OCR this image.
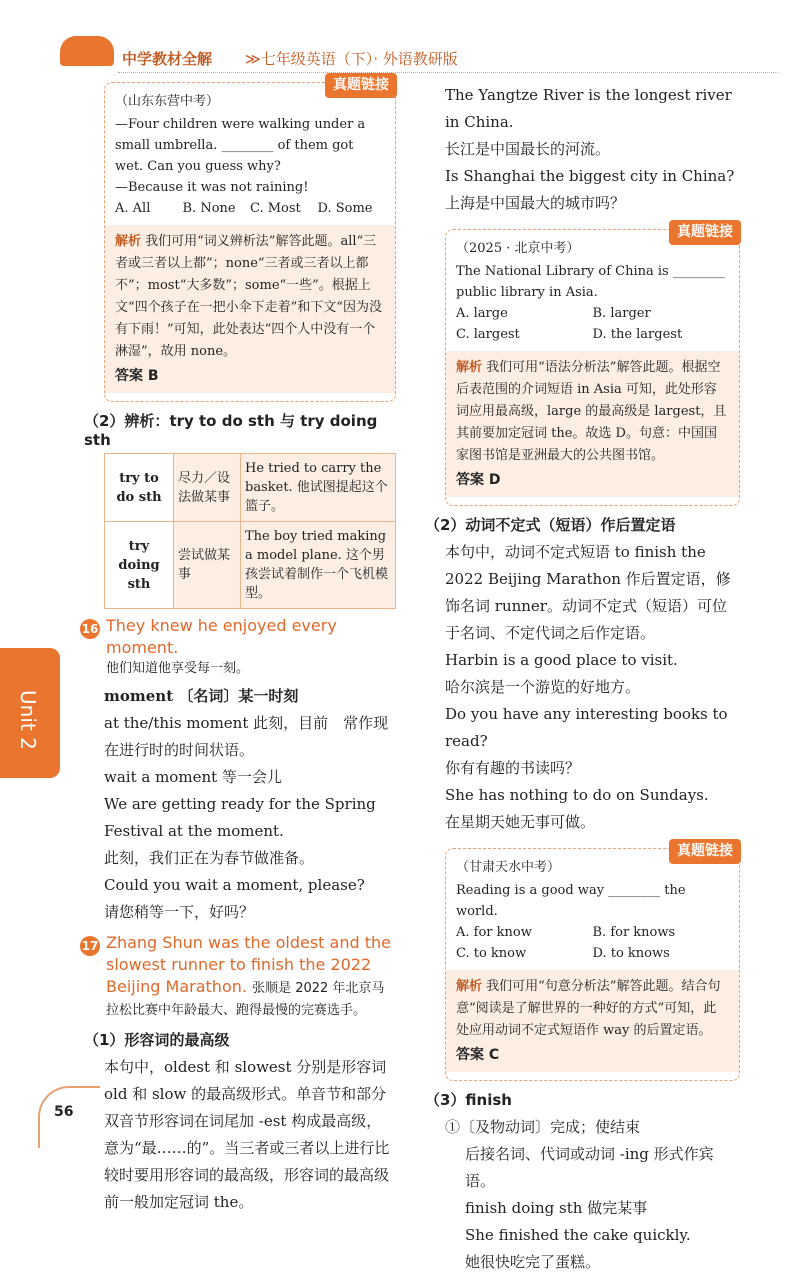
中学教材全解 ≫七年级英语（下）· 外语教研版
Unit 2
真题链接
（山东东营中考）
—Four children were walking under a small umbrella. ________ of them got wet. Can you guess why?
—Because it was not raining!
A. All	B. None	C. Most	D. Some
解析 我们可用“词义辨析法”解答此题。all“三者或三者以上都”；none“三者或三者以上都不”；most“大多数”；some“一些”。根据上文“四个孩子在一把小伞下走着”和下文“因为没有下雨！”可知，此处表达“四个人中没有一个淋湿”，故用 none。
答案 B
（2）辨析：try to do sth 与 try doing sth
try to do sth	尽力／设法做某事	He tried to carry the basket. 他试图提起这个篮子。
try doing sth	尝试做某事	The boy tried making a model plane. 这个男孩尝试着制作一个飞机模型。
16 They knew he enjoyed every moment.
他们知道他享受每一刻。
moment 〔名词〕某一时刻
at the/this moment 此刻，目前　常作现在进行时的时间状语。
wait a moment 等一会儿
We are getting ready for the Spring Festival at the moment.
此刻，我们正在为春节做准备。
Could you wait a moment, please?
请您稍等一下，好吗？
17 Zhang Shun was the oldest and the slowest runner to finish the 2022 Beijing Marathon. 张顺是 2022 年北京马拉松比赛中年龄最大、跑得最慢的完赛选手。
（1）形容词的最高级
本句中，oldest 和 slowest 分别是形容词 old 和 slow 的最高级形式。单音节和部分双音节形容词在词尾加 -est 构成最高级，意为“最……的”。当三者或三者以上进行比较时要用形容词的最高级，形容词的最高级前一般加定冠词 the。
The Yangtze River is the longest river in China.
长江是中国最长的河流。
Is Shanghai the biggest city in China?
上海是中国最大的城市吗？
真题链接
（2025 · 北京中考）
The National Library of China is ________ public library in Asia.
A. large	B. larger
C. largest	D. the largest
解析 我们可用“语法分析法”解答此题。根据空后表范围的介词短语 in Asia 可知，此处形容词应用最高级，large 的最高级是 largest，且其前要加定冠词 the。故选 D。句意：中国国家图书馆是亚洲最大的公共图书馆。
答案 D
（2）动词不定式（短语）作后置定语
本句中，动词不定式短语 to finish the 2022 Beijing Marathon 作后置定语，修饰名词 runner。动词不定式（短语）可位于名词、不定代词之后作定语。
Harbin is a good place to visit.
哈尔滨是一个游览的好地方。
Do you have any interesting books to read?
你有有趣的书读吗？
She has nothing to do on Sundays.
在星期天她无事可做。
真题链接
（甘肃天水中考）
Reading is a good way ________ the world.
A. for know	B. for knows
C. to know	D. to knows
解析 我们可用“句意分析法”解答此题。结合句意“阅读是了解世界的一种好的方式”可知，此处应用动词不定式短语作 way 的后置定语。
答案 C
（3）finish
①〔及物动词〕完成；使结束
后接名词、代词或动词 -ing 形式作宾语。
finish doing sth 做完某事
She finished the cake quickly.
她很快吃完了蛋糕。
56
